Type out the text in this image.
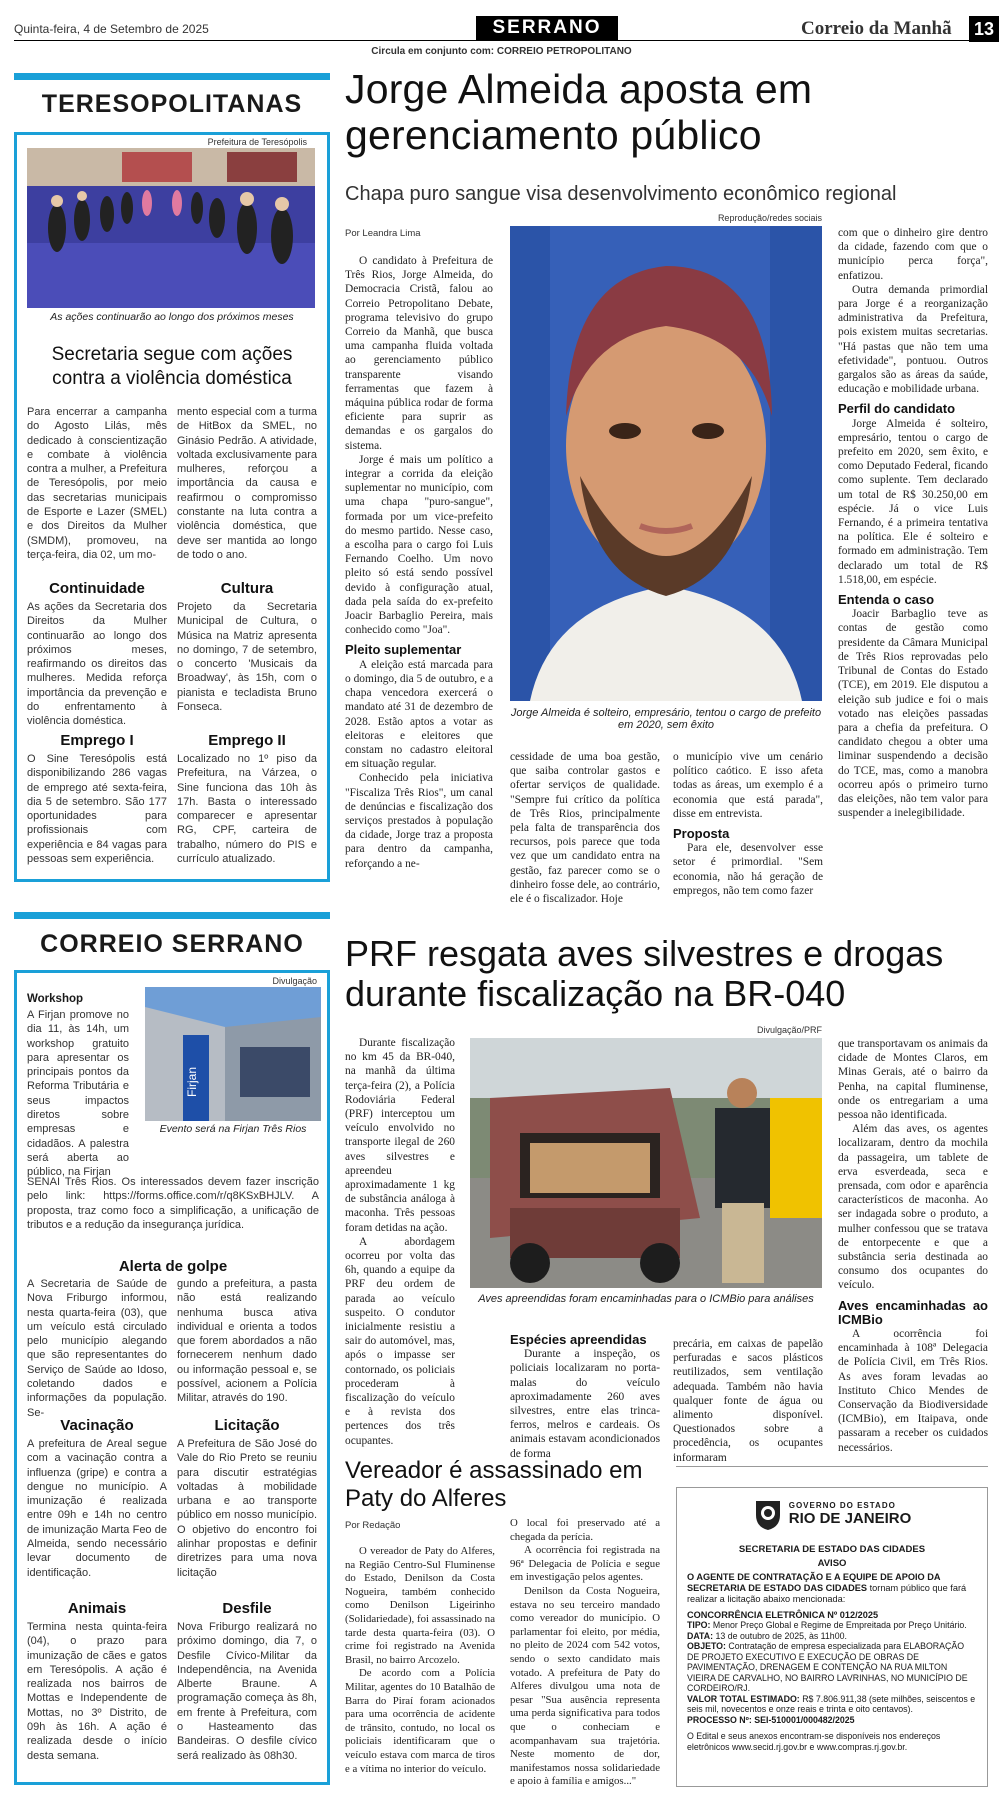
Quinta-feira, 4 de Setembro de 2025	SERRANO	Correio da Manhã 13
Circula em conjunto com: CORREIO PETROPOLITANO
TERESOPOLITANAS
Prefeitura de Teresópolis
As ações continuarão ao longo dos próximos meses
Secretaria segue com ações contra a violência doméstica
Para encerrar a campanha do Agosto Lilás, mês dedicado à conscientização e combate à violência contra a mulher, a Prefeitura de Teresópolis, por meio das secretarias municipais de Esporte e Lazer (SMEL) e dos Direitos da Mulher (SMDM), promoveu, na terça-feira, dia 02, um mo-
mento especial com a turma de HitBox da SMEL, no Ginásio Pedrão. A atividade, voltada exclusivamente para mulheres, reforçou a importância da causa e reafirmou o compromisso constante na luta contra a violência doméstica, que deve ser mantida ao longo de todo o ano.
Continuidade
As ações da Secretaria dos Direitos da Mulher continuarão ao longo dos próximos meses, reafirmando os direitos das mulheres. Medida reforça importância da prevenção e do enfrentamento à violência doméstica.
Cultura
Projeto da Secretaria Municipal de Cultura, o Música na Matriz apresenta no domingo, 7 de setembro, o concerto 'Musicais da Broadway', às 15h, com o pianista e tecladista Bruno Fonseca.
Emprego I
O Sine Teresópolis está disponibilizando 286 vagas de emprego até sexta-feira, dia 5 de setembro. São 177 oportunidades para profissionais com experiência e 84 vagas para pessoas sem experiência.
Emprego II
Localizado no 1º piso da Prefeitura, na Várzea, o Sine funciona das 10h às 17h. Basta o interessado comparecer e apresentar RG, CPF, carteira de trabalho, número do PIS e currículo atualizado.
CORREIO SERRANO
Divulgação
Workshop
A Firjan promove no dia 11, às 14h, um workshop gratuito para apresentar os principais pontos da Reforma Tributária e seus impactos diretos sobre empresas e cidadãos. A palestra será aberta ao público, na Firjan
Firjan
Evento será na Firjan Três Rios
SENAI Três Rios. Os interessados devem fazer inscrição pelo link: https://forms.office.com/r/q8KSxBHJLV. A proposta, traz como foco a simplificação, a unificação de tributos e a redução da insegurança jurídica.
Alerta de golpe
A Secretaria de Saúde de Nova Friburgo informou, nesta quarta-feira (03), que um veículo está circulado pelo município alegando que são representantes do Serviço de Saúde ao Idoso, coletando dados e informações da população. Se-
gundo a prefeitura, a pasta não está realizando nenhuma busca ativa individual e orienta a todos que forem abordados a não fornecerem nenhum dado ou informação pessoal e, se possível, acionem a Polícia Militar, através do 190.
Vacinação
A prefeitura de Areal segue com a vacinação contra a influenza (gripe) e contra a dengue no município. A imunização é realizada entre 09h e 14h no centro de imunização Marta Feo de Almeida, sendo necessário levar documento de identificação.
Licitação
A Prefeitura de São José do Vale do Rio Preto se reuniu para discutir estratégias voltadas à mobilidade urbana e ao transporte público em nosso município. O objetivo do encontro foi alinhar propostas e definir diretrizes para uma nova licitação
Animais
Termina nesta quinta-feira (04), o prazo para imunização de cães e gatos em Teresópolis. A ação é realizada nos bairros de Mottas e Independente de Mottas, no 3º Distrito, de 09h às 16h. A ação é realizada desde o início desta semana.
Desfile
Nova Friburgo realizará no próximo domingo, dia 7, o Desfile Cívico-Militar da Independência, na Avenida Alberte Braune. A programação começa às 8h, em frente à Prefeitura, com o Hasteamento das Bandeiras. O desfile cívico será realizado às 08h30.
Jorge Almeida aposta em gerenciamento público
Chapa puro sangue visa desenvolvimento econômico regional
Por Leandra Lima
Reprodução/redes sociais

O candidato à Prefeitura de Três Rios, Jorge Almeida, do Democracia Cristã, falou ao Correio Petropolitano Debate, programa televisivo do grupo Correio da Manhã, que busca uma campanha fluida voltada ao gerenciamento público transparente visando ferramentas que fazem à máquina pública rodar de forma eficiente para suprir as demandas e os gargalos do sistema.

Jorge é mais um político a integrar a corrida da eleição suplementar no município, com uma chapa "puro-sangue", formada por um vice-prefeito do mesmo partido. Nesse caso, a escolha para o cargo foi Luis Fernando Coelho. Um novo pleito só está sendo possível devido à configuração atual, dada pela saída do ex-prefeito Joacir Barbaglio Pereira, mais conhecido como "Joa".

Pleito suplementar

A eleição está marcada para o domingo, dia 5 de outubro, e a chapa vencedora exercerá o mandato até 31 de dezembro de 2028. Estão aptos a votar as eleitoras e eleitores que constam no cadastro eleitoral em situação regular.

Conhecido pela iniciativa "Fiscaliza Três Rios", um canal de denúncias e fiscalização dos serviços prestados à população da cidade, Jorge traz a proposta para dentro da campanha, reforçando a ne-

Jorge Almeida é solteiro, empresário, tentou o cargo de prefeito em 2020, sem êxito

cessidade de uma boa gestão, que saiba controlar gastos e ofertar serviços de qualidade. "Sempre fui crítico da política de Três Rios, principalmente pela falta de transparência dos recursos, pois parece que toda vez que um candidato entra na gestão, faz parecer como se o dinheiro fosse dele, ao contrário, ele é o fiscalizador. Hoje

o município vive um cenário político caótico. E isso afeta todas as áreas, um exemplo é a economia que está parada", disse em entrevista.

Proposta

Para ele, desenvolver esse setor é primordial. "Sem economia, não há geração de empregos, não tem como fazer

com que o dinheiro gire dentro da cidade, fazendo com que o município perca força", enfatizou.

Outra demanda primordial para Jorge é a reorganização administrativa da Prefeitura, pois existem muitas secretarias. "Há pastas que não tem uma efetividade", pontuou. Outros gargalos são as áreas da saúde, educação e mobilidade urbana.

Perfil do candidato

Jorge Almeida é solteiro, empresário, tentou o cargo de prefeito em 2020, sem êxito, e como Deputado Federal, ficando como suplente. Tem declarado um total de R$ 30.250,00 em espécie. Já o vice Luis Fernando, é a primeira tentativa na política. Ele é solteiro e formado em administração. Tem declarado um total de R$ 1.518,00, em espécie.

Entenda o caso

Joacir Barbaglio teve as contas de gestão como presidente da Câmara Municipal de Três Rios reprovadas pelo Tribunal de Contas do Estado (TCE), em 2019. Ele disputou a eleição sub judice e foi o mais votado nas eleições passadas para a chefia da prefeitura. O candidato chegou a obter uma liminar suspendendo a decisão do TCE, mas, como a manobra ocorreu após o primeiro turno das eleições, não tem valor para suspender a inelegibilidade.

PRF resgata aves silvestres e drogas durante fiscalização na BR-040
Divulgação/PRF

Durante fiscalização no km 45 da BR-040, na manhã da última terça-feira (2), a Polícia Rodoviária Federal (PRF) interceptou um veículo envolvido no transporte ilegal de 260 aves silvestres e apreendeu aproximadamente 1 kg de substância análoga à maconha. Três pessoas foram detidas na ação.

A abordagem ocorreu por volta das 6h, quando a equipe da PRF deu ordem de parada ao veículo suspeito. O condutor inicialmente resistiu a sair do automóvel, mas, após o impasse ser contornado, os policiais procederam à fiscalização do veículo e à revista dos pertences dos três ocupantes.

Aves apreendidas foram encaminhadas para o ICMBio para análises
Espécies apreendidas

Durante a inspeção, os policiais localizaram no porta-malas do veículo aproximadamente 260 aves silvestres, entre elas trinca-ferros, melros e cardeais. Os animais estavam acondicionados de forma

precária, em caixas de papelão perfuradas e sacos plásticos reutilizados, sem ventilação adequada. Também não havia qualquer fonte de água ou alimento disponível. Questionados sobre a procedência, os ocupantes informaram

que transportavam os animais da cidade de Montes Claros, em Minas Gerais, até o bairro da Penha, na capital fluminense, onde os entregariam a uma pessoa não identificada.

Além das aves, os agentes localizaram, dentro da mochila da passageira, um tablete de erva esverdeada, seca e prensada, com odor e aparência característicos de maconha. Ao ser indagada sobre o produto, a mulher confessou que se tratava de entorpecente e que a substância seria destinada ao consumo dos ocupantes do veículo.

Aves encaminhadas ao ICMBio

A ocorrência foi encaminhada à 108ª Delegacia de Polícia Civil, em Três Rios. As aves foram levadas ao Instituto Chico Mendes de Conservação da Biodiversidade (ICMBio), em Itaipava, onde passaram a receber os cuidados necessários.

Vereador é assassinado em Paty do Alferes
Por Redação

O vereador de Paty do Alferes, na Região Centro-Sul Fluminense do Estado, Denilson da Costa Nogueira, também conhecido como Denilson Ligeirinho (Solidariedade), foi assassinado na tarde desta quarta-feira (03). O crime foi registrado na Avenida Brasil, no bairro Arcozelo.

De acordo com a Polícia Militar, agentes do 10 Batalhão de Barra do Piraí foram acionados para uma ocorrência de acidente de trânsito, contudo, no local os policiais identificaram que o veículo estava com marca de tiros e a vítima no interior do veículo.

O local foi preservado até a chegada da perícia.

A ocorrência foi registrada na 96ª Delegacia de Polícia e segue em investigação pelos agentes.

Denilson da Costa Nogueira, estava no seu terceiro mandado como vereador do município. O parlamentar foi eleito, por média, no pleito de 2024 com 542 votos, sendo o sexto candidato mais votado. A prefeitura de Paty do Alferes divulgou uma nota de pesar "Sua ausência representa uma perda significativa para todos que o conheciam e acompanhavam sua trajetória. Neste momento de dor, manifestamos nossa solidariedade e apoio à família e amigos..."

GOVERNO DO ESTADO
RIO DE JANEIRO
SECRETARIA DE ESTADO DAS CIDADES
AVISO
O AGENTE DE CONTRATAÇÃO E A EQUIPE DE APOIO DA SECRETARIA DE ESTADO DAS CIDADES tornam público que fará realizar a licitação abaixo mencionada:
CONCORRÊNCIA ELETRÔNICA Nº 012/2025
TIPO: Menor Preço Global e Regime de Empreitada por Preço Unitário.
DATA: 13 de outubro de 2025, às 11h00.
OBJETO: Contratação de empresa especializada para ELABORAÇÃO DE PROJETO EXECUTIVO E EXECUÇÃO DE OBRAS DE PAVIMENTAÇÃO, DRENAGEM E CONTENÇÃO NA RUA MILTON VIEIRA DE CARVALHO, NO BAIRRO LAVRINHAS, NO MUNICÍPIO DE CORDEIRO/RJ.
VALOR TOTAL ESTIMADO: R$ 7.806.911,38 (sete milhões, seiscentos e seis mil, novecentos e onze reais e trinta e oito centavos).
PROCESSO Nº: SEI-510001/000482/2025
O Edital e seus anexos encontram-se disponíveis nos endereços eletrônicos www.secid.rj.gov.br e www.compras.rj.gov.br.
